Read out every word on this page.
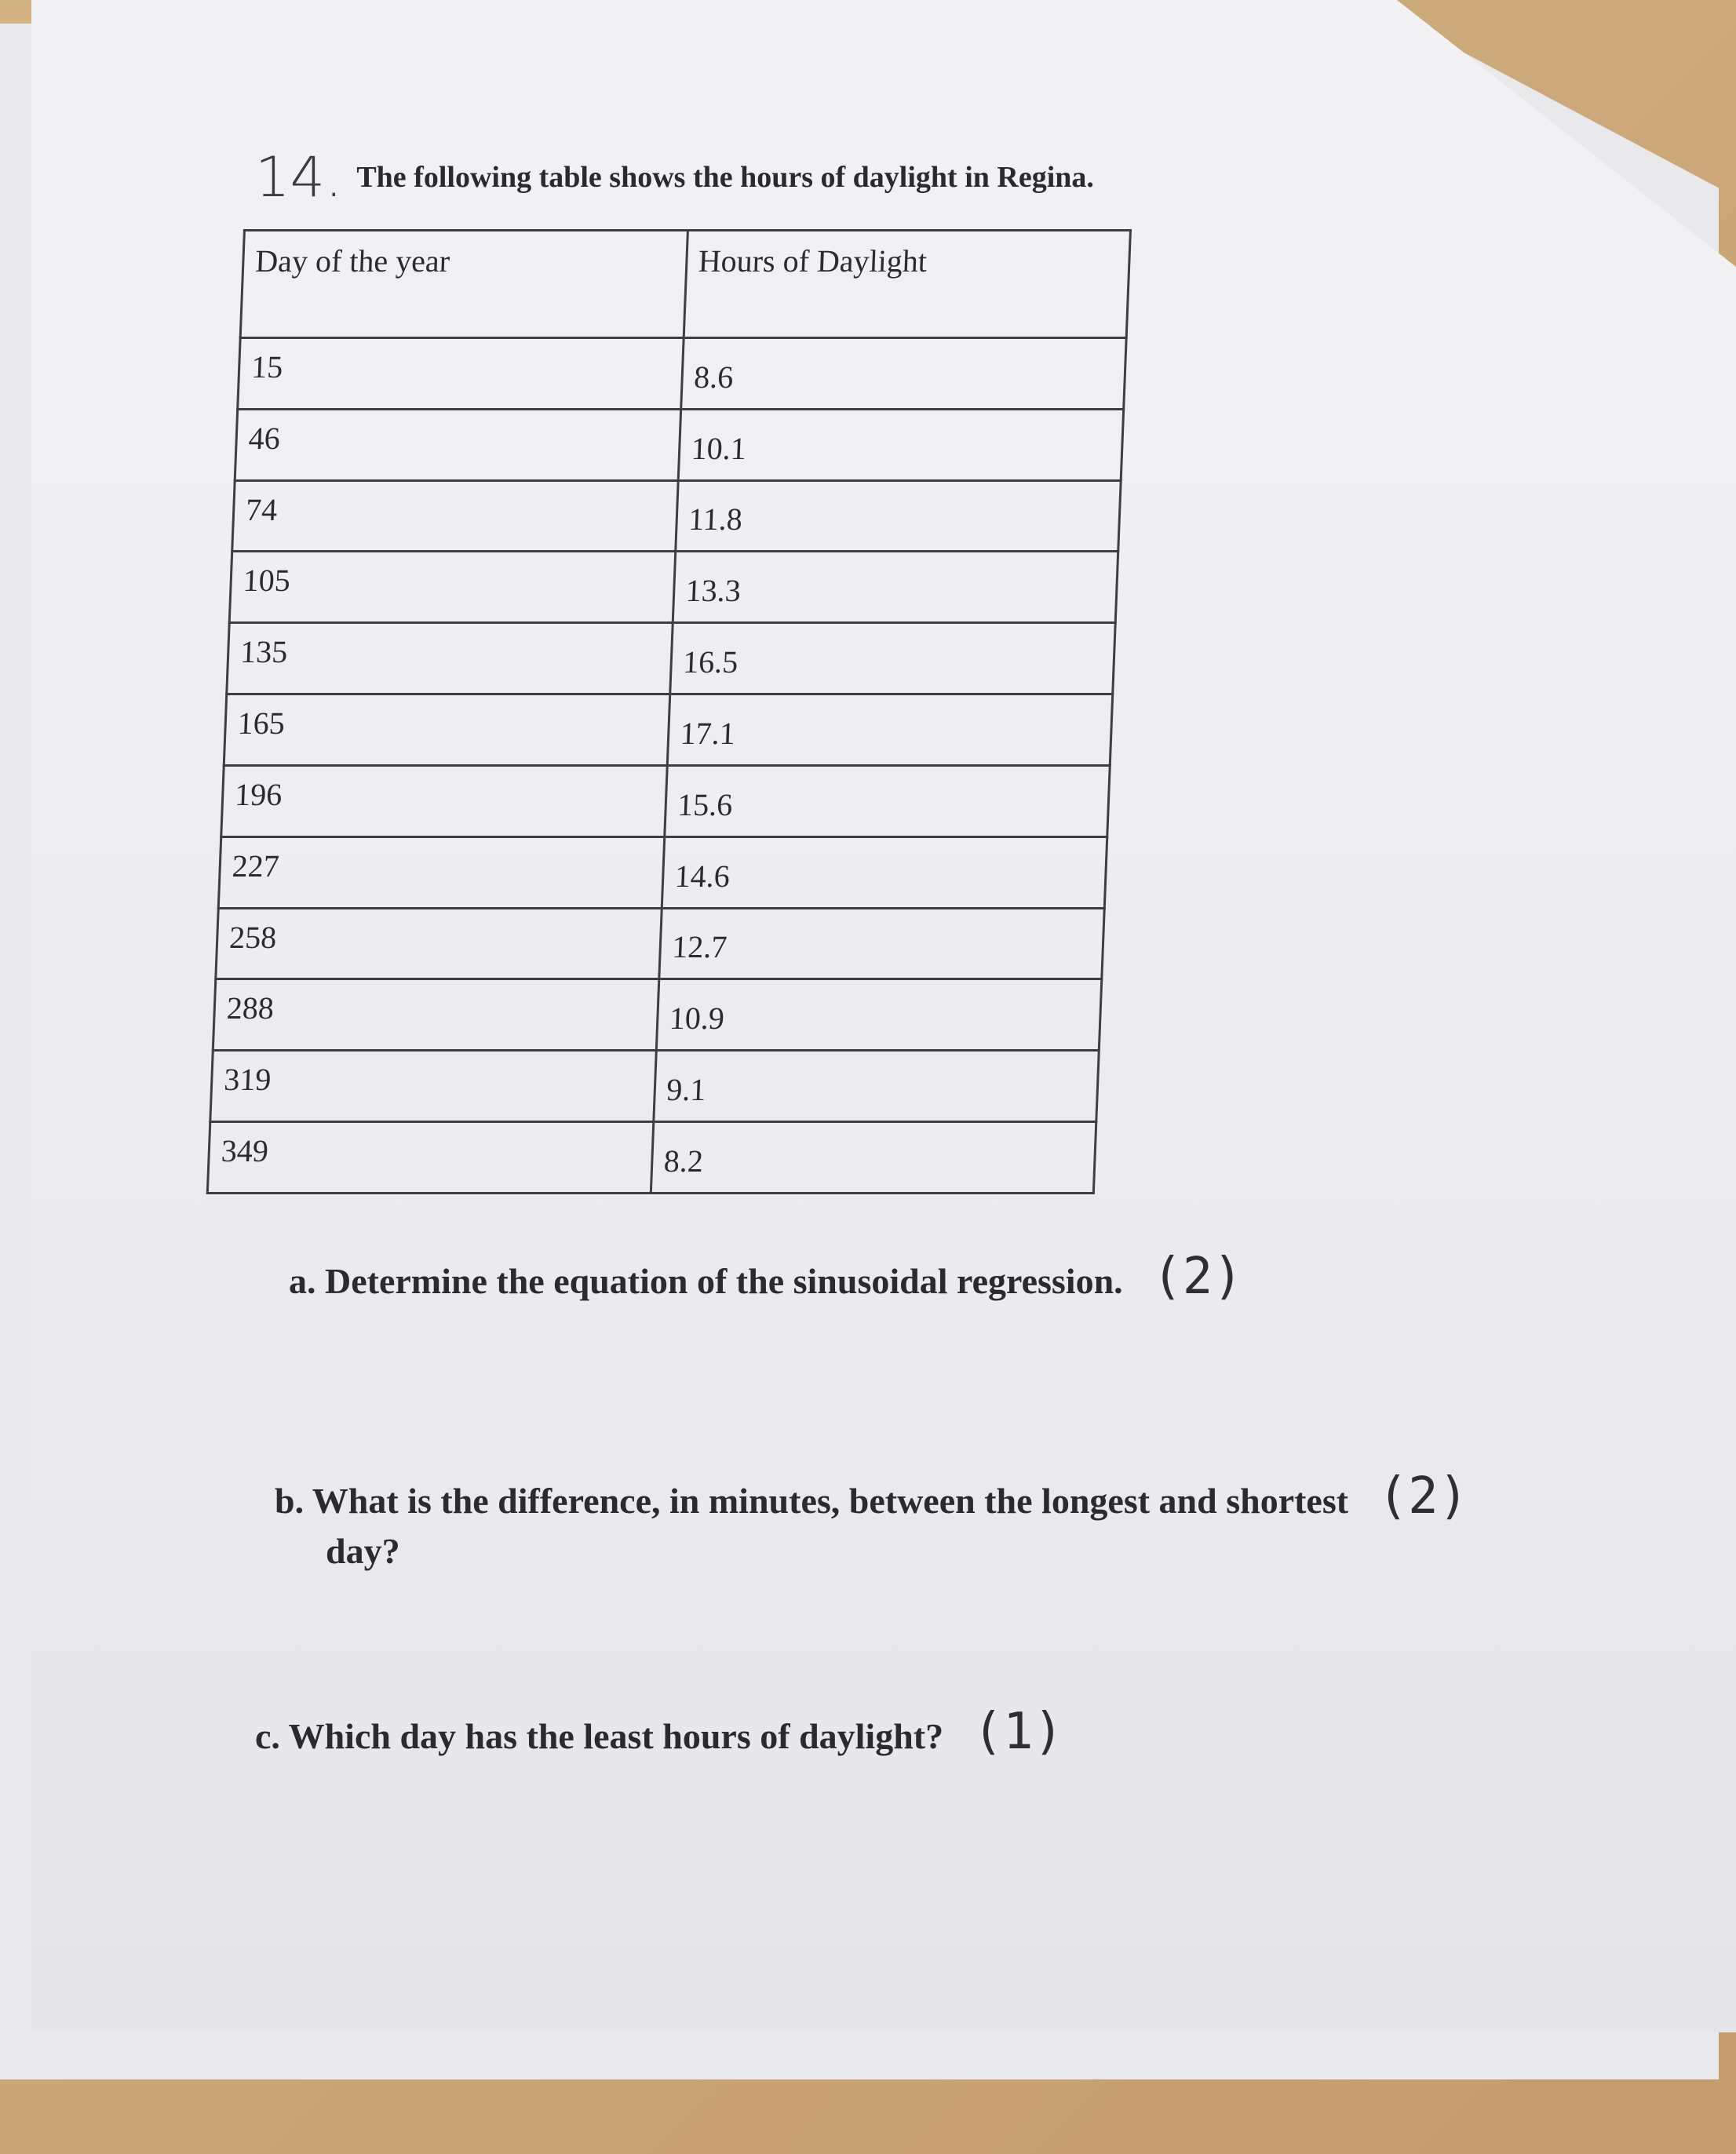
14. The following table shows the hours of daylight in Regina.
Day of the year	Hours of Daylight
15	8.6
46	10.1
74	11.8
105	13.3
135	16.5
165	17.1
196	15.6
227	14.6
258	12.7
288	10.9
319	9.1
349	8.2
a. Determine the equation of the sinusoidal regression. (2)
b. What is the difference, in minutes, between the longest and shortest (2)
day?
c. Which day has the least hours of daylight? (1)
